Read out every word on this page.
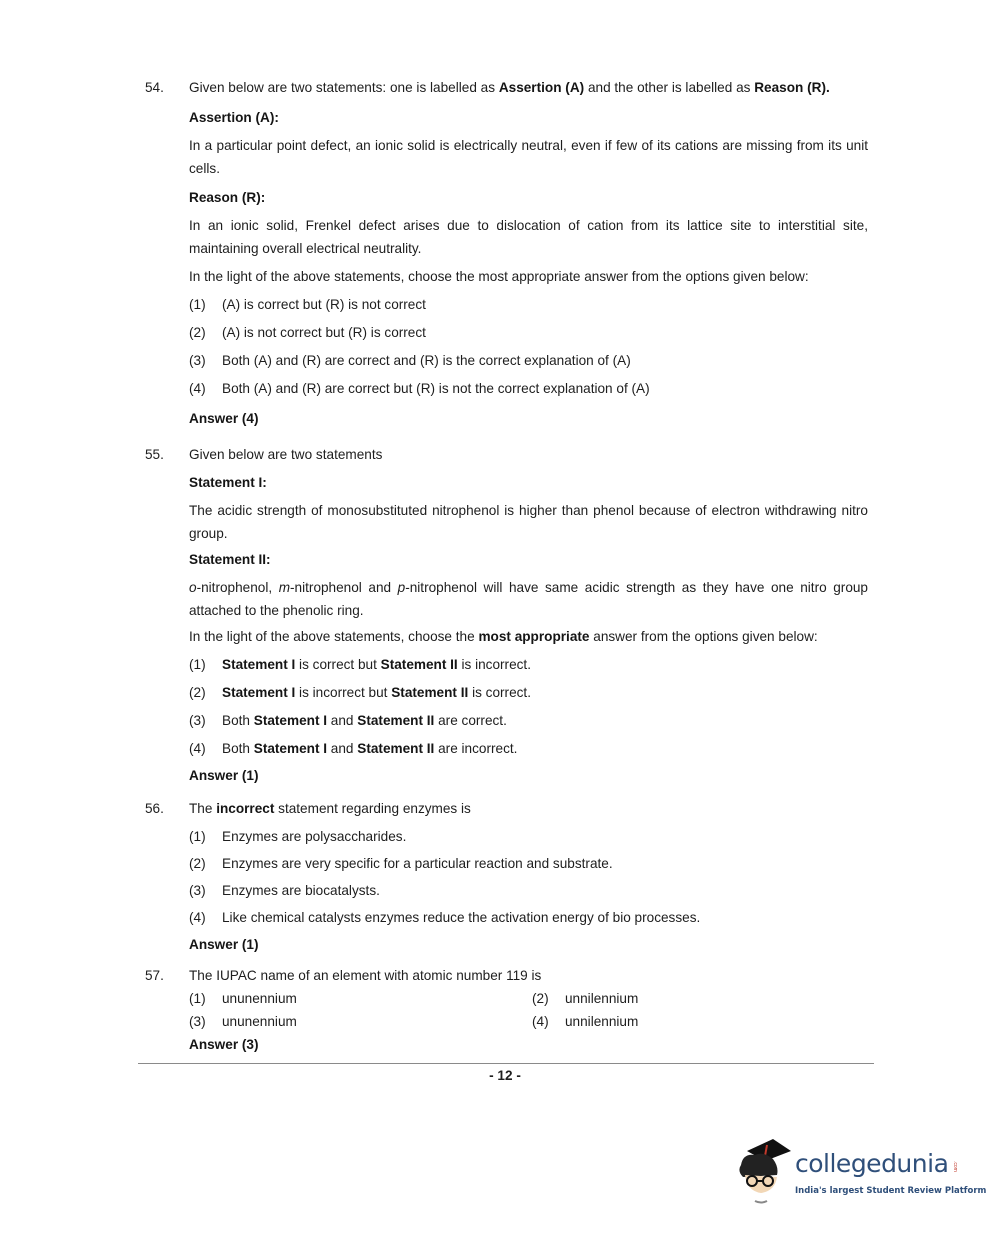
54. Given below are two statements: one is labelled as Assertion (A) and the other is labelled as Reason (R).
Assertion (A):
In a particular point defect, an ionic solid is electrically neutral, even if few of its cations are missing from its unit cells.
Reason (R):
In an ionic solid, Frenkel defect arises due to dislocation of cation from its lattice site to interstitial site, maintaining overall electrical neutrality.
In the light of the above statements, choose the most appropriate answer from the options given below:
(1) (A) is correct but (R) is not correct
(2) (A) is not correct but (R) is correct
(3) Both (A) and (R) are correct and (R) is the correct explanation of (A)
(4) Both (A) and (R) are correct but (R) is not the correct explanation of (A)
Answer (4)
55. Given below are two statements
Statement I:
The acidic strength of monosubstituted nitrophenol is higher than phenol because of electron withdrawing nitro group.
Statement II:
o-nitrophenol, m-nitrophenol and p-nitrophenol will have same acidic strength as they have one nitro group attached to the phenolic ring.
In the light of the above statements, choose the most appropriate answer from the options given below:
(1) Statement I is correct but Statement II is incorrect.
(2) Statement I is incorrect but Statement II is correct.
(3) Both Statement I and Statement II are correct.
(4) Both Statement I and Statement II are incorrect.
Answer (1)
56. The incorrect statement regarding enzymes is
(1) Enzymes are polysaccharides.
(2) Enzymes are very specific for a particular reaction and substrate.
(3) Enzymes are biocatalysts.
(4) Like chemical catalysts enzymes reduce the activation energy of bio processes.
Answer (1)
57. The IUPAC name of an element with atomic number 119 is
(1) ununennium	(2) unnilennium
(3) ununennium	(4) unnilennium
Answer (3)
- 12 -
collegedunia .com
India's largest Student Review Platform
